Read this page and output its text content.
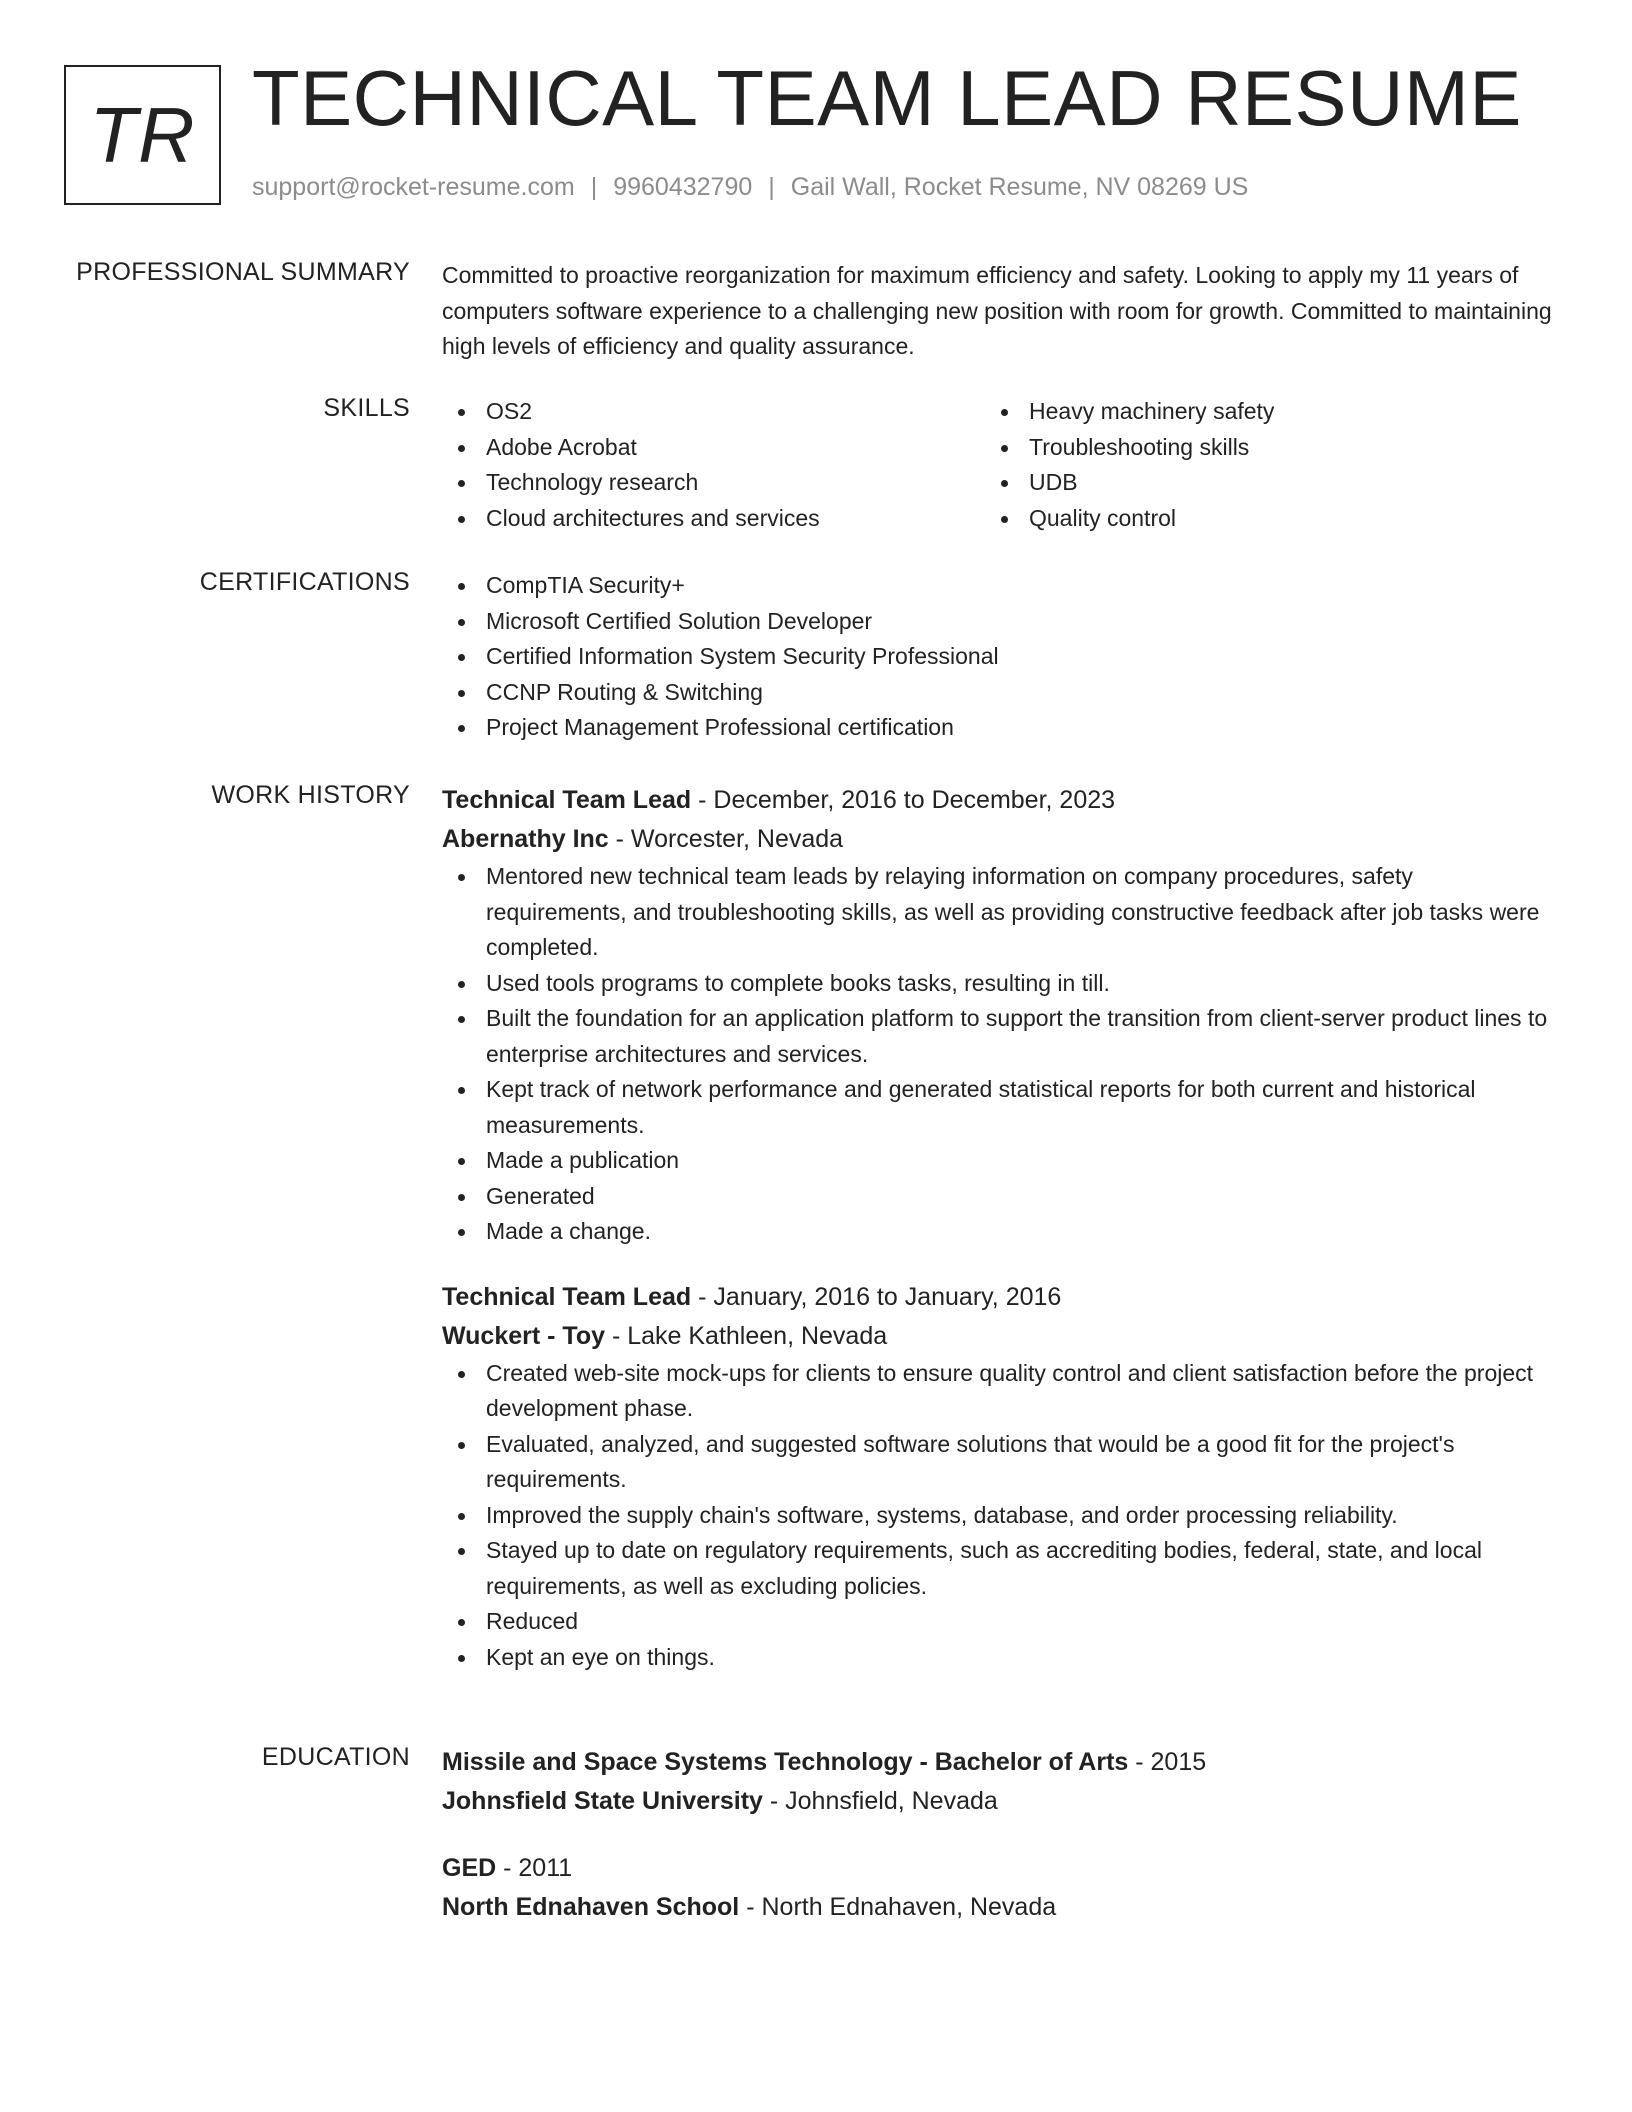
TR TECHNICAL TEAM LEAD RESUME
support@rocket-resume.com | 9960432790 | Gail Wall, Rocket Resume, NV 08269 US
PROFESSIONAL SUMMARY Committed to proactive reorganization for maximum efficiency and safety. Looking to apply my 11 years of computers software experience to a challenging new position with room for growth. Committed to maintaining high levels of efficiency and quality assurance.

SKILLS	OS2
Adobe Acrobat
Technology research
Cloud architectures and services
Heavy machinery safety
Troubleshooting skills
UDB
Quality control
CERTIFICATIONS	CompTIA Security+
Microsoft Certified Solution Developer
Certified Information System Security Professional
CCNP Routing & Switching
Project Management Professional certification
WORK HISTORY Technical Team Lead - December, 2016 to December, 2023
Abernathy Inc - Worcester, Nevada
Mentored new technical team leads by relaying information on company procedures, safety requirements, and troubleshooting skills, as well as providing constructive feedback after job tasks were completed.
Used tools programs to complete books tasks, resulting in till.
Built the foundation for an application platform to support the transition from client-server product lines to enterprise architectures and services.
Kept track of network performance and generated statistical reports for both current and historical measurements.
Made a publication
Generated
Made a change.
Technical Team Lead - January, 2016 to January, 2016
Wuckert - Toy - Lake Kathleen, Nevada
Created web-site mock-ups for clients to ensure quality control and client satisfaction before the project development phase.
Evaluated, analyzed, and suggested software solutions that would be a good fit for the project's requirements.
Improved the supply chain's software, systems, database, and order processing reliability.
Stayed up to date on regulatory requirements, such as accrediting bodies, federal, state, and local requirements, as well as excluding policies.
Reduced
Kept an eye on things.
EDUCATION Missile and Space Systems Technology - Bachelor of Arts - 2015
Johnsfield State University - Johnsfield, Nevada
GED - 2011
North Ednahaven School - North Ednahaven, Nevada
